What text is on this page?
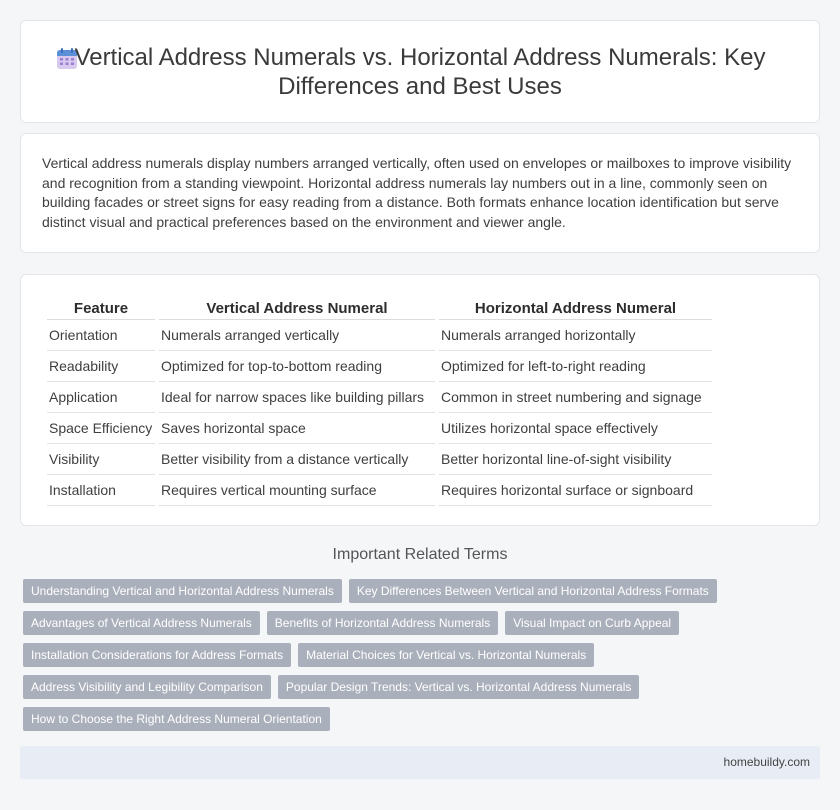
Vertical Address Numerals vs. Horizontal Address Numerals: Key Differences and Best Uses

Vertical address numerals display numbers arranged vertically, often used on envelopes or mailboxes to improve visibility and recognition from a standing viewpoint. Horizontal address numerals lay numbers out in a line, commonly seen on building facades or street signs for easy reading from a distance. Both formats enhance location identification but serve distinct visual and practical preferences based on the environment and viewer angle.

Feature	Vertical Address Numeral	Horizontal Address Numeral
Orientation	Numerals arranged vertically	Numerals arranged horizontally
Readability	Optimized for top-to-bottom reading	Optimized for left-to-right reading
Application	Ideal for narrow spaces like building pillars	Common in street numbering and signage
Space Efficiency	Saves horizontal space	Utilizes horizontal space effectively
Visibility	Better visibility from a distance vertically	Better horizontal line-of-sight visibility
Installation	Requires vertical mounting surface	Requires horizontal surface or signboard
Important Related Terms
Understanding Vertical and Horizontal Address Numerals	Key Differences Between Vertical and Horizontal Address Formats
Advantages of Vertical Address Numerals	Benefits of Horizontal Address Numerals	Visual Impact on Curb Appeal
Installation Considerations for Address Formats	Material Choices for Vertical vs. Horizontal Numerals
Address Visibility and Legibility Comparison	Popular Design Trends: Vertical vs. Horizontal Address Numerals
How to Choose the Right Address Numeral Orientation
homebuildy.com
